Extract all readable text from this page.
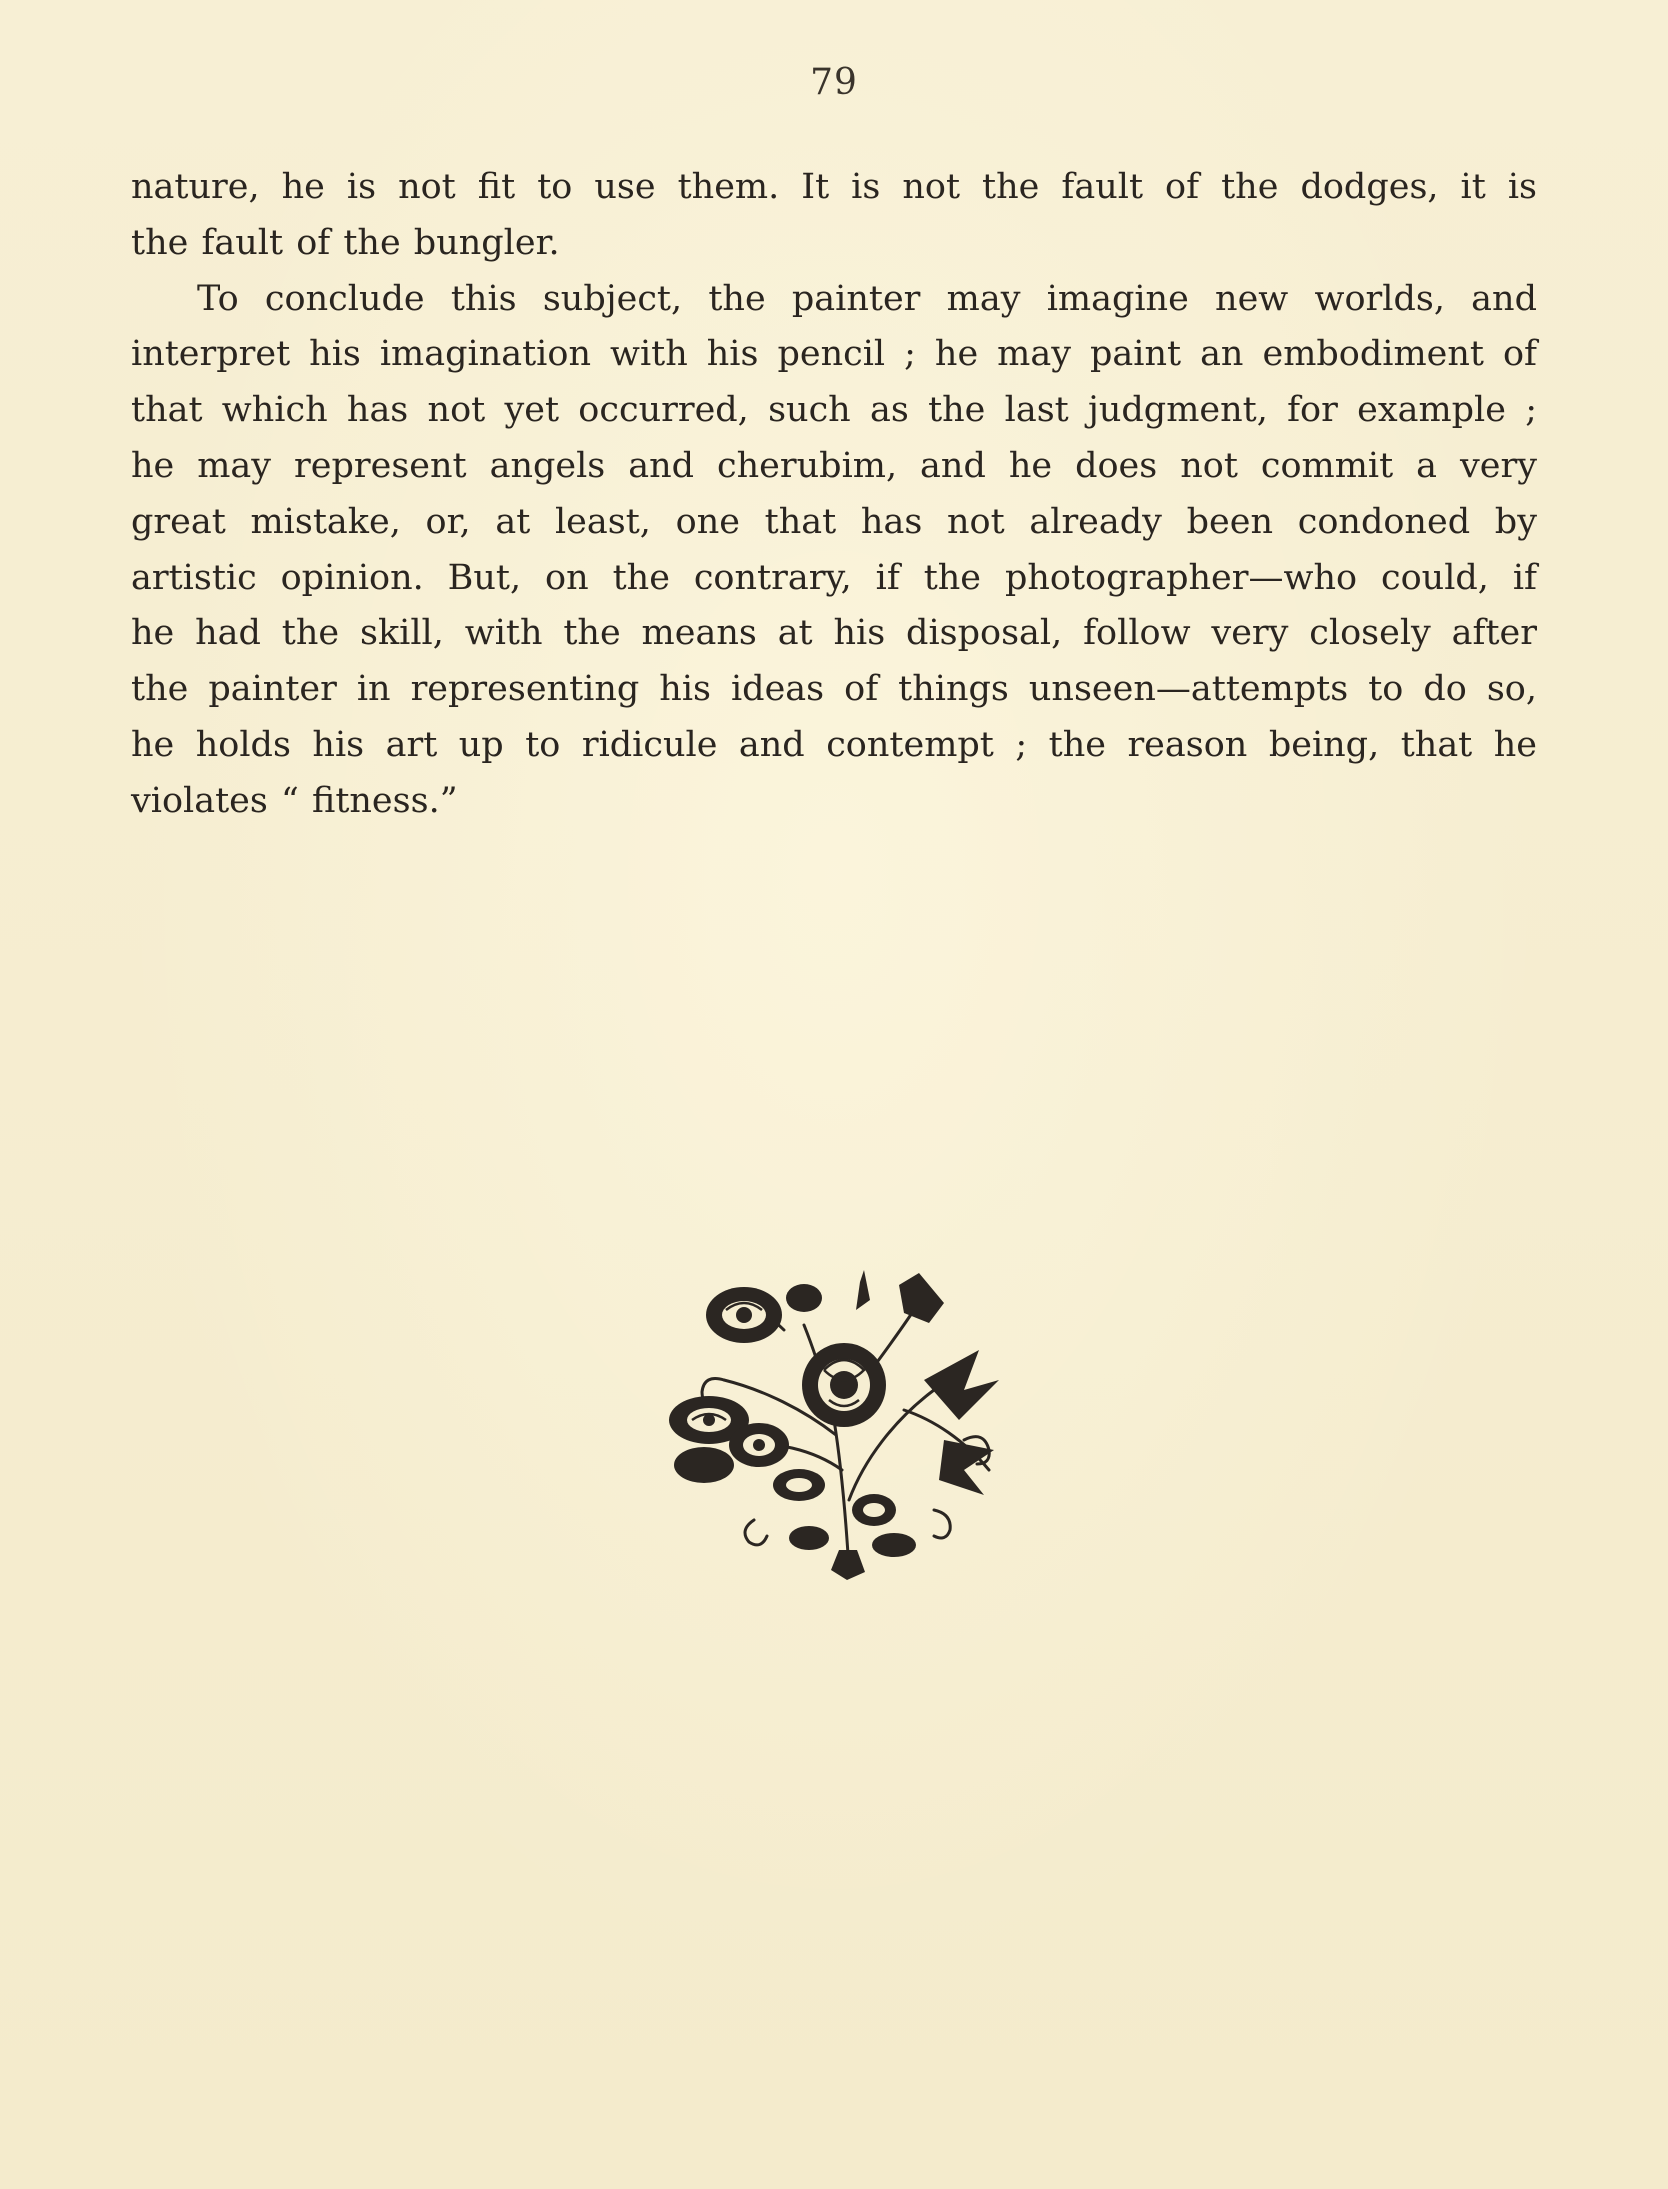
79
nature, he is not fit to use them. It is not the fault of the dodges, it is
the fault of the bungler.
To conclude this subject, the painter may imagine new worlds, and
interpret his imagination with his pencil ; he may paint an embodiment of
that which has not yet occurred, such as the last judgment, for example ;
he may represent angels and cherubim, and he does not commit a very
great mistake, or, at least, one that has not already been condoned by
artistic opinion. But, on the contrary, if the photographer—who could, if
he had the skill, with the means at his disposal, follow very closely after
the painter in representing his ideas of things unseen—attempts to do so,
he holds his art up to ridicule and contempt ; the reason being, that he
violates “ fitness.”
